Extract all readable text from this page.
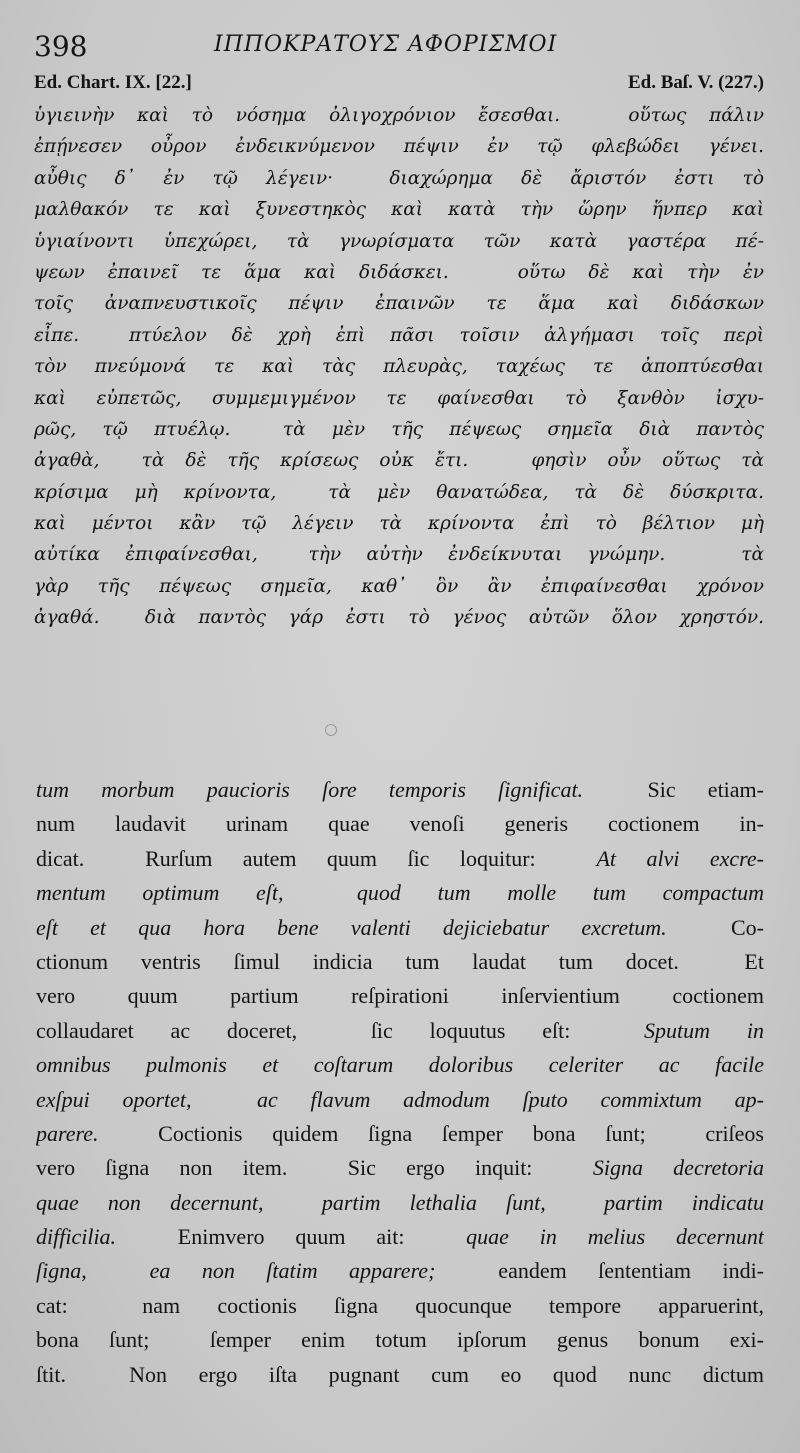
398	ΙΠΠΟΚΡΑΤΟΥΣ ΑΦΟΡΙΣΜΟΙ
Ed. Chart. IX. [22.]	Ed. Baſ. V. (227.)
ὑγιεινὴν καὶ τὸ νόσημα ὀλιγοχρόνιον ἔσεσθαι.   οὕτως πάλιν
ἐπῄνεσεν οὖρον ἐνδεικνύμενον πέψιν ἐν τῷ φλεβώδει γένει.
αὖθις δ᾽ ἐν τῷ λέγειν·  διαχώρημα δὲ ἄριστόν ἐστι τὸ
μαλθακόν τε καὶ ξυνεστηκὸς καὶ κατὰ τὴν ὥρην ἥνπερ καὶ
ὑγιαίνοντι ὑπεχώρει, τὰ γνωρίσματα τῶν κατὰ γαστέρα πέ-
ψεων ἐπαινεῖ τε ἅμα καὶ διδάσκει.   οὕτω δὲ καὶ τὴν ἐν
τοῖς ἀναπνευστικοῖς πέψιν ἐπαινῶν τε ἅμα καὶ διδάσκων
εἶπε.  πτύελον δὲ χρὴ ἐπὶ πᾶσι τοῖσιν ἀλγήμασι τοῖς περὶ
τὸν πνεύμονά τε καὶ τὰς πλευρὰς, ταχέως τε ἀποπτύεσθαι
καὶ εὐπετῶς, συμμεμιγμένον τε φαίνεσθαι τὸ ξανθὸν ἰσχυ-
ρῶς, τῷ πτυέλῳ.  τὰ μὲν τῆς πέψεως σημεῖα διὰ παντὸς
ἀγαθὰ,  τὰ δὲ τῆς κρίσεως οὐκ ἔτι.   φησὶν οὖν οὕτως τὰ
κρίσιμα μὴ κρίνοντα,  τὰ μὲν θανατώδεα, τὰ δὲ δύσκριτα.
καὶ μέντοι κἂν τῷ λέγειν τὰ κρίνοντα ἐπὶ τὸ βέλτιον μὴ
αὐτίκα ἐπιφαίνεσθαι,  τὴν αὐτὴν ἐνδείκνυται γνώμην.   τὰ
γὰρ τῆς πέψεως σημεῖα, καθ᾽ ὃν ἂν ἐπιφαίνεσθαι χρόνον
ἀγαθά.  διὰ παντὸς γάρ ἐστι τὸ γένος αὐτῶν ὅλον χρηστόν.
tum morbum paucioris ſore temporis ſignificat.  Sic etiam-
num laudavit urinam quae venoſi generis coctionem in-
dicat.  Rurſum autem quum ſic loquitur:  At alvi excre-
mentum optimum eſt,  quod tum molle tum compactum
eſt et qua hora bene valenti dejiciebatur excretum.  Co-
ctionum ventris ſimul indicia tum laudat tum docet.  Et
vero quum partium reſpirationi inſervientium coctionem
collaudaret ac doceret,  ſic loquutus eſt:  Sputum in
omnibus pulmonis et coſtarum doloribus celeriter ac facile
exſpui oportet,  ac flavum admodum ſputo commixtum ap-
parere.  Coctionis quidem ſigna ſemper bona ſunt;  criſeos
vero ſigna non item.  Sic ergo inquit:  Signa decretoria
quae non decernunt,  partim lethalia ſunt,  partim indicatu
difficilia.  Enimvero quum ait:  quae in melius decernunt
ſigna,  ea non ſtatim apparere;  eandem ſententiam indi-
cat:  nam coctionis ſigna quocunque tempore apparuerint,
bona ſunt;  ſemper enim totum ipſorum genus bonum exi-
ſtit.  Non ergo iſta pugnant cum eo quod nunc dictum
